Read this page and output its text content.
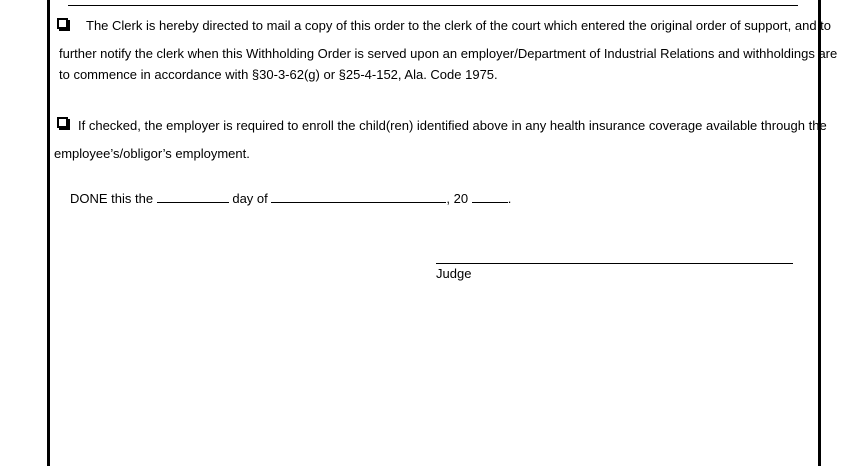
The Clerk is hereby directed to mail a copy of this order to the clerk of the court which entered the original order of support, and to
further notify the clerk when this Withholding Order is served upon an employer/Department of Industrial Relations and withholdings are
to commence in accordance with §30-3-62(g) or §25-4-152, Ala. Code 1975.
If checked, the employer is required to enroll the child(ren) identified above in any health insurance coverage available through the
employee’s/obligor’s employment.
DONE this the	day of	, 20	.
Judge
